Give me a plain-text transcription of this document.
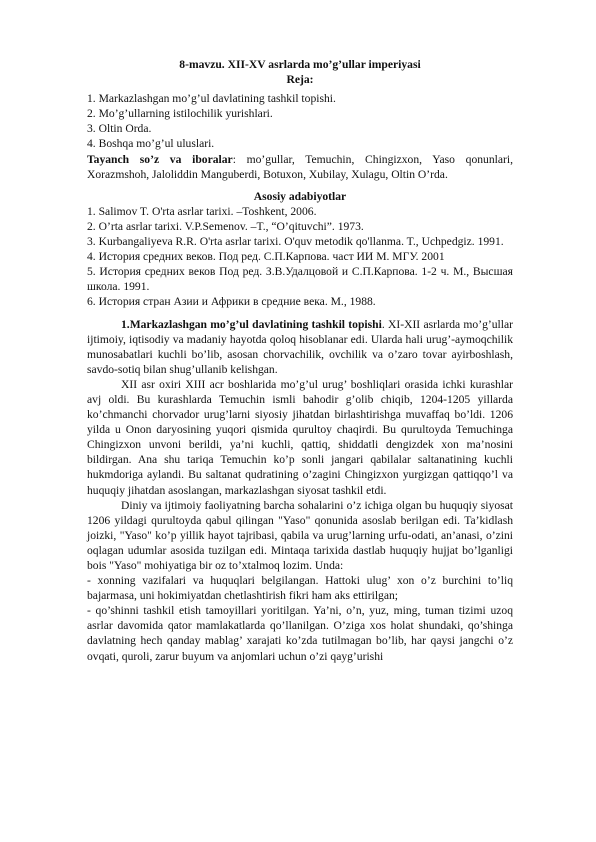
8-mavzu. XII-XV asrlarda mo’g’ullar imperiyasi
Reja:
1. Markazlashgan mo’g’ul davlatining tashkil topishi.
2. Mo’g’ullarning istilochilik yurishlari.
3. Oltin Orda.
4. Boshqa mo’g’ul uluslari.

Tayanch so’z va iboralar: mo’gullar, Temuchin, Chingizxon, Yaso qonunlari, Xorazmshoh, Jaloliddin Manguberdi, Botuxon, Xubilay, Xulagu, Oltin O’rda.

Asosiy adabiyotlar
1. Salimov T. O'rta asrlar tarixi. –Toshkent, 2006.
2. O’rta asrlar tarixi. V.P.Semenov. –T., “O’qituvchi”. 1973.
3. Kurbangaliyeva R.R. O'rta asrlar tarixi. O'quv metodik qo'llanma. T., Uchpedgiz. 1991.
4. История средних веков. Под ред. С.П.Карпова. част ИИ М. МГУ. 2001
5. История средних веков Под ред. З.В.Удалцовой и С.П.Карпова. 1-2 ч. М., Высшая школа. 1991.
6. История стран Азии и Африки в средние века. М., 1988.

1.Markazlashgan mo’g’ul davlatining tashkil topishi. XI-XII asrlarda mo’g’ullar ijtimoiy, iqtisodiy va madaniy hayotda qoloq hisoblanar edi. Ularda hali urug’-aymoqchilik munosabatlari kuchli bo’lib, asosan chorvachilik, ovchilik va o’zaro tovar ayirboshlash, savdo-sotiq bilan shug’ullanib kelishgan.

XII asr oxiri XIII acr boshlarida mo’g’ul urug’ boshliqlari orasida ichki kurashlar avj oldi. Bu kurashlarda Temuchin ismli bahodir g’olib chiqib, 1204-1205 yillarda ko’chmanchi chorvador urug’larni siyosiy jihatdan birlashtirishga muvaffaq bo’ldi. 1206 yilda u Onon daryosining yuqori qismida qurultoy chaqirdi. Bu qurultoyda Temuchinga Chingizxon unvoni berildi, ya’ni kuchli, qattiq, shiddatli dengizdek xon ma’nosini bildirgan. Ana shu tariqa Temuchin ko’p sonli jangari qabilalar saltanatining kuchli hukmdoriga aylandi. Bu saltanat qudratining o’zagini Chingizxon yurgizgan qattiqqo’l va huquqiy jihatdan asoslangan, markazlashgan siyosat tashkil etdi.

Diniy va ijtimoiy faoliyatning barcha sohalarini o’z ichiga olgan bu huquqiy siyosat 1206 yildagi qurultoyda qabul qilingan "Yaso" qonunida asoslab berilgan edi. Ta’kidlash joizki, "Yaso" ko’p yillik hayot tajribasi, qabila va urug’larning urfu-odati, an’anasi, o’zini oqlagan udumlar asosida tuzilgan edi. Mintaqa tarixida dastlab huquqiy hujjat bo’lganligi bois "Yaso" mohiyatiga bir oz to’xtalmoq lozim. Unda:

- xonning vazifalari va huquqlari belgilangan. Hattoki ulug’ xon o’z burchini to’liq bajarmasa, uni hokimiyatdan chetlashtirish fikri ham aks ettirilgan;

- qo’shinni tashkil etish tamoyillari yoritilgan. Ya’ni, o’n, yuz, ming, tuman tizimi uzoq asrlar davomida qator mamlakatlarda qo’llanilgan. O’ziga xos holat shundaki, qo’shinga davlatning hech qanday mablag’ xarajati ko’zda tutilmagan bo’lib, har qaysi jangchi o’z ovqati, quroli, zarur buyum va anjomlari uchun o’zi qayg’urishi
